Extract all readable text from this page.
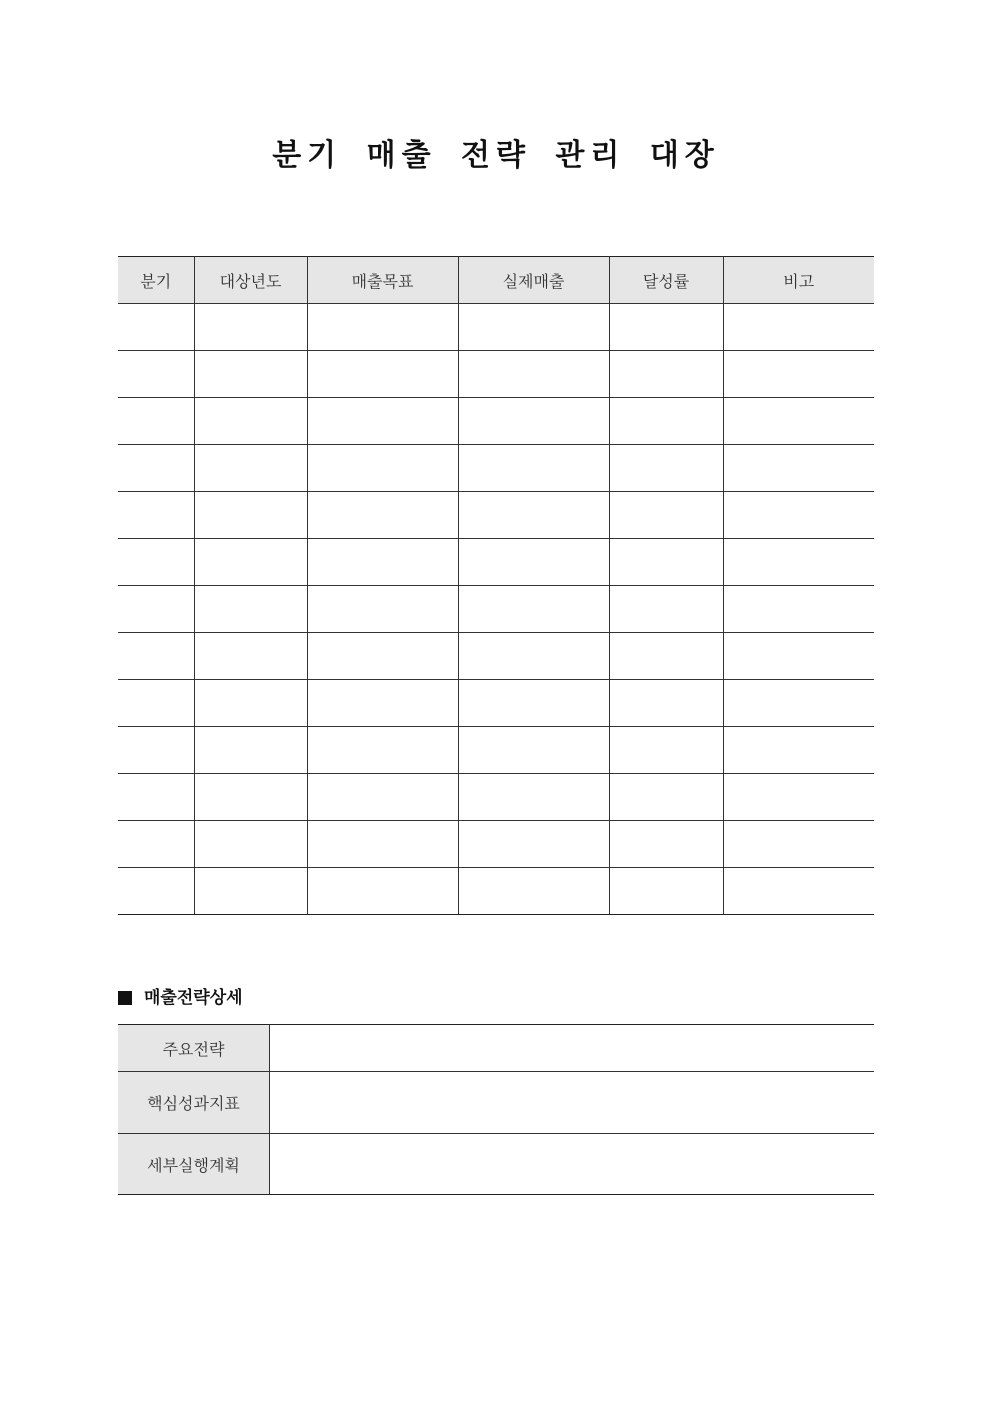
분기 매출 전략 관리 대장
분기	대상년도	매출목표	실제매출	달성률	비고

매출전략상세
주요전략	
핵심성과지표	
세부실행계획	
